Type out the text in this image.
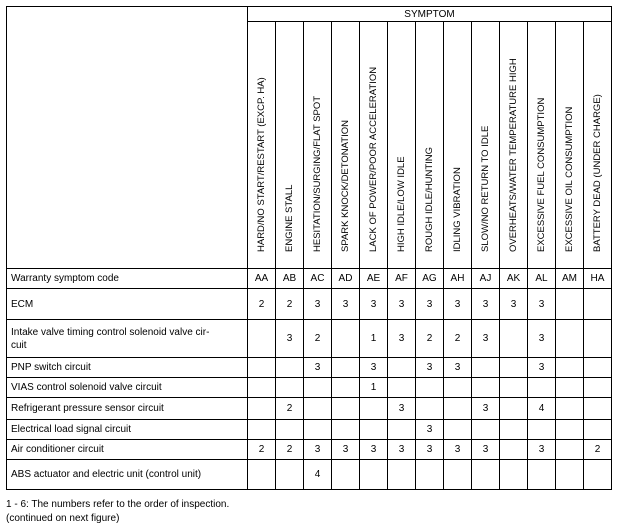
	SYMPTOM												

	HARD/NO START/RESTART (EXCP. HA)	ENGINE STALL	HESITATION/SURGING/FLAT SPOT	SPARK KNOCK/DETONATION	LACK OF POWER/POOR ACCELERATION	HIGH IDLE/LOW IDLE	ROUGH IDLE/HUNTING	IDLING VIBRATION	SLOW/NO RETURN TO IDLE	OVERHEATS/WATER TEMPERATURE HIGH	EXCESSIVE FUEL CONSUMPTION	EXCESSIVE OIL CONSUMPTION	BATTERY DEAD (UNDER CHARGE)

Warranty symptom code	AA	AB	AC	AD	AE	AF	AG	AH	AJ	AK	AL	AM	HA
ECM	2	2	3	3	3	3	3	3	3	3	3		
Intake valve timing control solenoid valve cir-
cuit		3	2		1	3	2	2	3		3		
PNP switch circuit			3		3		3	3			3		
VIAS control solenoid valve circuit					1								
Refrigerant pressure sensor circuit		2				3			3		4		
Electrical load signal circuit							3						
Air conditioner circuit	2	2	3	3	3	3	3	3	3		3		2
ABS actuator and electric unit (control unit)			4										
1 - 6: The numbers refer to the order of inspection.
(continued on next figure)
